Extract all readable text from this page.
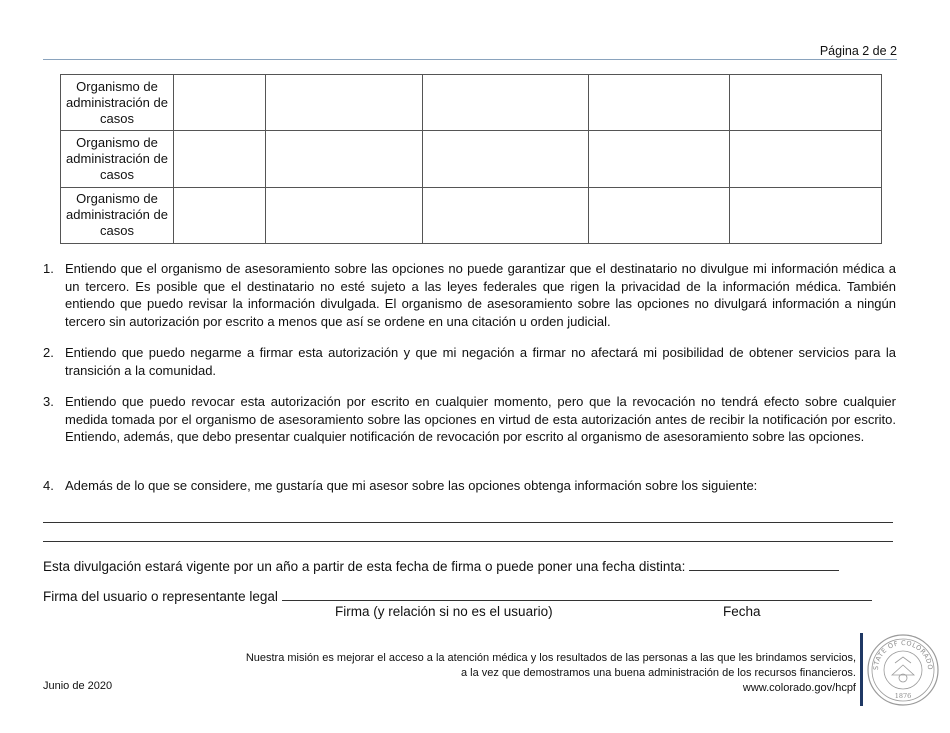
Página 2 de 2
Organismo de administración de casos					
Organismo de administración de casos					
Organismo de administración de casos					
1. Entiendo que el organismo de asesoramiento sobre las opciones no puede garantizar que el destinatario no divulgue mi información médica a un tercero. Es posible que el destinatario no esté sujeto a las leyes federales que rigen la privacidad de la información médica. También entiendo que puedo revisar la información divulgada. El organismo de asesoramiento sobre las opciones no divulgará información a ningún tercero sin autorización por escrito a menos que así se ordene en una citación u orden judicial.
2. Entiendo que puedo negarme a firmar esta autorización y que mi negación a firmar no afectará mi posibilidad de obtener servicios para la transición a la comunidad.
3. Entiendo que puedo revocar esta autorización por escrito en cualquier momento, pero que la revocación no tendrá efecto sobre cualquier medida tomada por el organismo de asesoramiento sobre las opciones en virtud de esta autorización antes de recibir la notificación por escrito. Entiendo, además, que debo presentar cualquier notificación de revocación por escrito al organismo de asesoramiento sobre las opciones.
4. Además de lo que se considere, me gustaría que mi asesor sobre las opciones obtenga información sobre los siguiente:
Esta divulgación estará vigente por un año a partir de esta fecha de firma o puede poner una fecha distinta:
Firma del usuario o representante legal
Firma (y relación si no es el usuario)	Fecha
Nuestra misión es mejorar el acceso a la atención médica y los resultados de las personas a las que les brindamos servicios,
a la vez que demostramos una buena administración de los recursos financieros.
www.colorado.gov/hcpf
Junio de 2020
STATE OF COLORADO
1876
